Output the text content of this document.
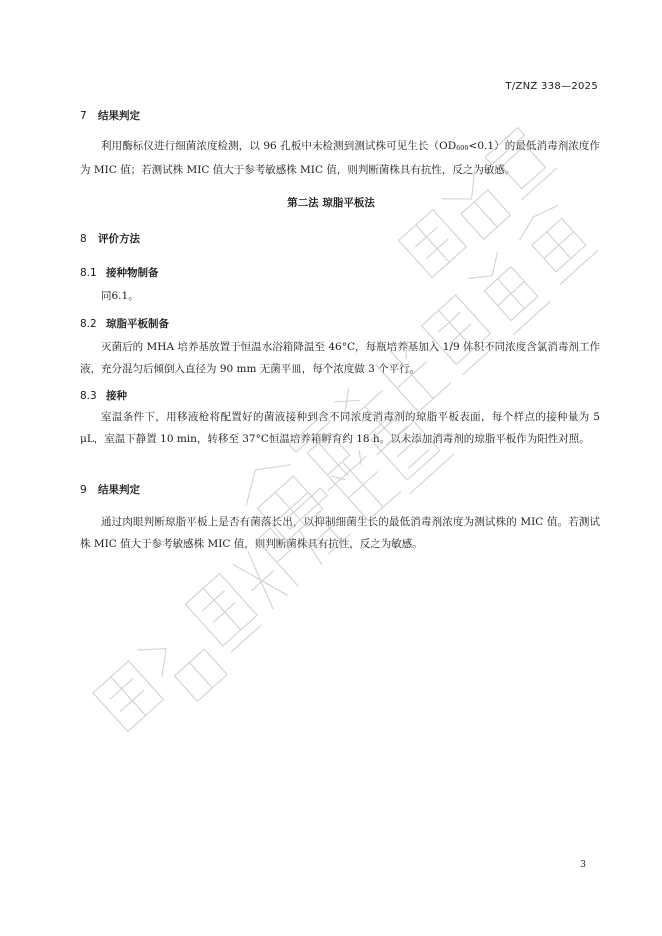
T/ZNZ 338—2025
7 结果判定
利用酶标仪进行细菌浓度检测，以 96 孔板中未检测到测试株可见生长$(OD_{600}<0.1)$的最低消毒剂浓度作为 MIC 值；若测试株 MIC 值大于参考敏感株 MIC 值，则判断菌株具有抗性，反之为敏感。
第二法 琼脂平板法
8 评价方法
8.1 接种物制备
同6.1。
8.2 琼脂平板制备
灭菌后的 MHA 培养基放置于恒温水浴箱降温至 46°C，每瓶培养基加入 1/9 体积不同浓度含氯消毒剂工作液，充分混匀后倾倒入直径为 90 mm 无菌平皿，每个浓度做 3 个平行。
8.3 接种
室温条件下，用移液枪将配置好的菌液接种到含不同浓度消毒剂的琼脂平板表面，每个样点的接种量为 5 μL，室温下静置 10 min，转移至 37°C恒温培养箱孵育约 18 h。以未添加消毒剂的琼脂平板作为阳性对照。
9 结果判定
通过肉眼判断琼脂平板上是否有菌落长出，以抑制细菌生长的最低消毒剂浓度为测试株的 MIC 值。若测试株 MIC 值大于参考敏感株 MIC 值，则判断菌株具有抗性，反之为敏感。
3
